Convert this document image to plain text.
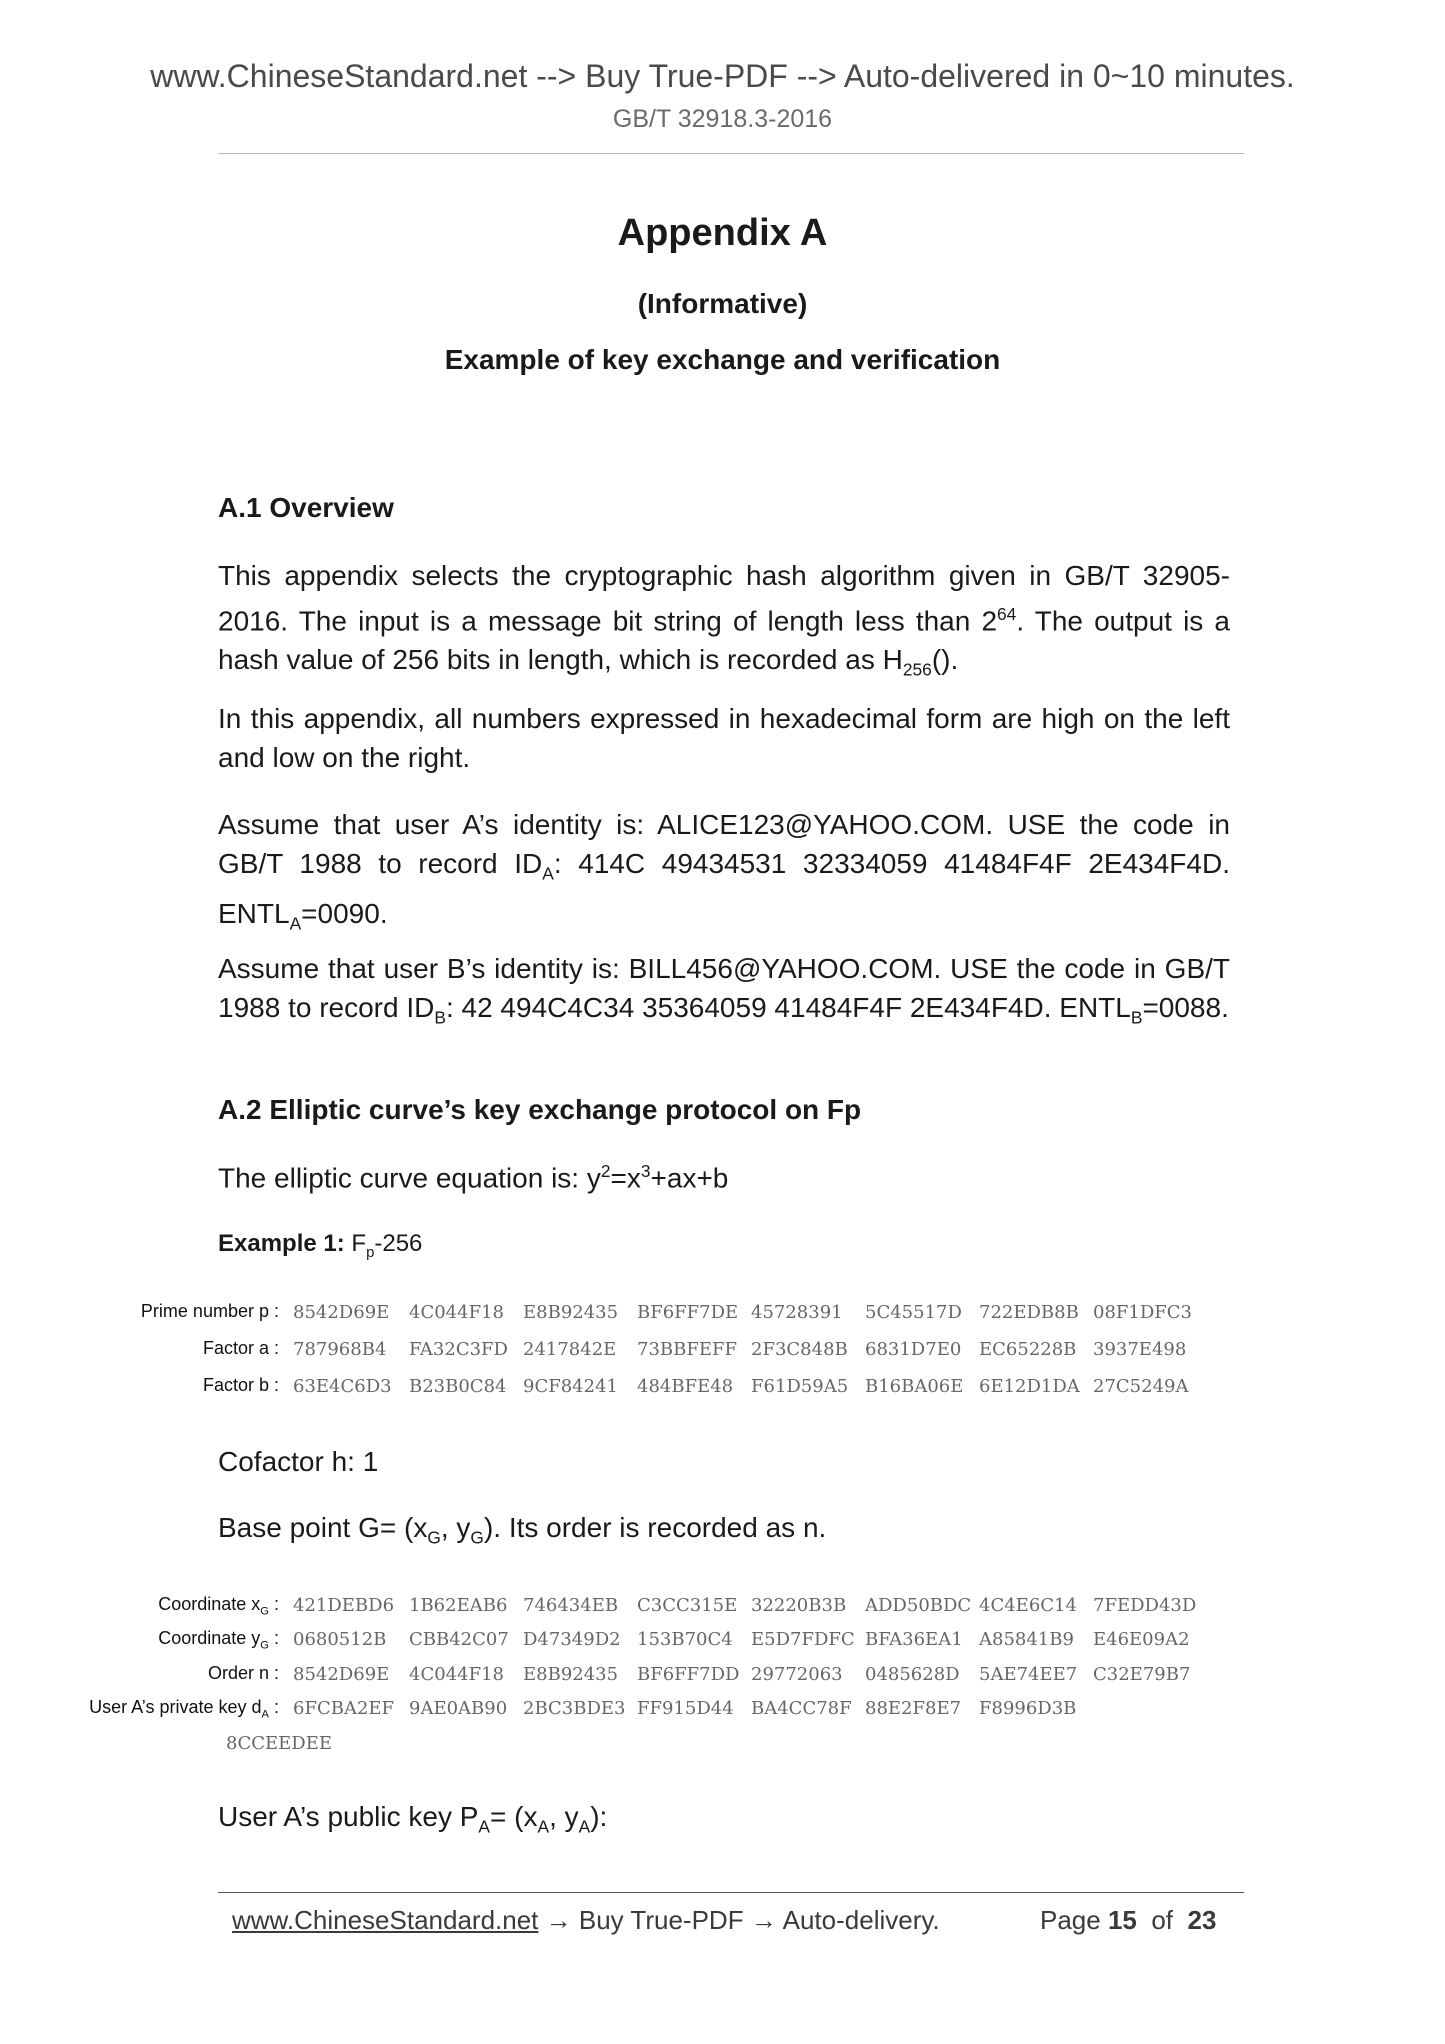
www.ChineseStandard.net --> Buy True-PDF --> Auto-delivered in 0~10 minutes.
GB/T 32918.3-2016
Appendix A
(Informative)
Example of key exchange and verification
A.1 Overview
This appendix selects the cryptographic hash algorithm given in GB/T 32905-2016. The input is a message bit string of length less than $2^{64}$. The output is a hash value of 256 bits in length, which is recorded as $H_{256}()$.
In this appendix, all numbers expressed in hexadecimal form are high on the left and low on the right.
Assume that user A’s identity is: ALICE123@YAHOO.COM. USE the code in GB/T 1988 to record $ID_A$: 414C 49434531 32334059 41484F4F 2E434F4D. $ENTL_A=0090$.
Assume that user B’s identity is: BILL456@YAHOO.COM. USE the code in GB/T 1988 to record $ID_B$: 42 494C4C34 35364059 41484F4F 2E434F4D. $ENTL_B=0088$.
A.2 Elliptic curve’s key exchange protocol on Fp
The elliptic curve equation is: $y^2=x^3+ax+b$
Example 1: $F_p-256$
Prime number p : 8542D69E 4C044F18 E8B92435 BF6FF7DE 45728391 5C45517D 722EDB8B 08F1DFC3
Factor a : 787968B4 FA32C3FD 2417842E 73BBFEFF 2F3C848B 6831D7E0 EC65228B 3937E498
Factor b : 63E4C6D3 B23B0C84 9CF84241 484BFE48 F61D59A5 B16BA06E 6E12D1DA 27C5249A
Cofactor h: 1
Base point $G= (x_G$, $y_G$). Its order is recorded as n.
Coordinate $x_G$ : 421DEBD6 1B62EAB6 746434EB C3CC315E 32220B3B ADD50BDC 4C4E6C14 7FEDD43D
Coordinate $y_G$ : 0680512B CBB42C07 D47349D2 153B70C4 E5D7FDFC BFA36EA1 A85841B9 E46E09A2
Order n : 8542D69E 4C044F18 E8B92435 BF6FF7DD 29772063 0485628D 5AE74EE7 C32E79B7
User A’s private key $d_A$ : 6FCBA2EF 9AE0AB90 2BC3BDE3 FF915D44 BA4CC78F 88E2F8E7 F8996D3B
8CCEEDEE
User A’s public key $P_A= (x_A$, $y_A$):
www.ChineseStandard.net → Buy True-PDF → Auto-delivery.	Page 15 of 23
